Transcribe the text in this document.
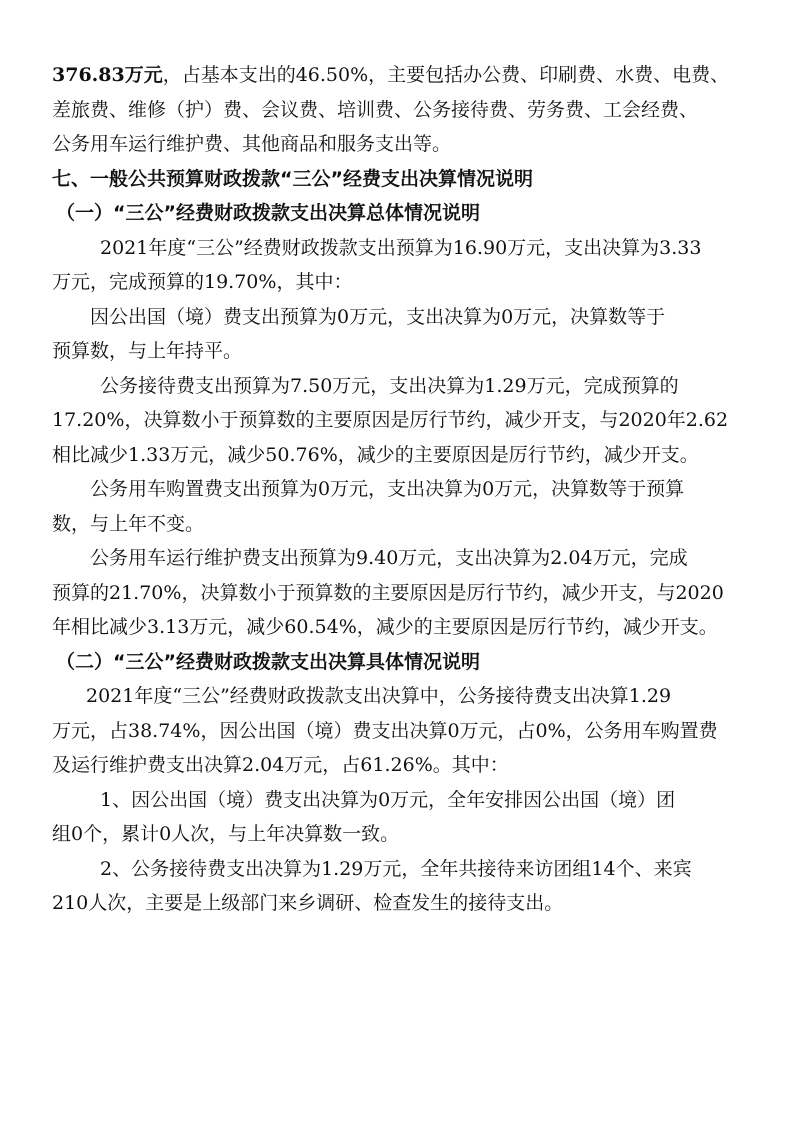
376.83万元，占基本支出的46.50%，主要包括办公费、印刷费、水费、电费、
差旅费、维修（护）费、会议费、培训费、公务接待费、劳务费、工会经费、
公务用车运行维护费、其他商品和服务支出等。
七、一般公共预算财政拨款“三公”经费支出决算情况说明
（一）“三公”经费财政拨款支出决算总体情况说明
2021年度“三公”经费财政拨款支出预算为16.90万元，支出决算为3.33
万元，完成预算的19.70%，其中：
因公出国（境）费支出预算为0万元，支出决算为0万元，决算数等于
预算数，与上年持平。
公务接待费支出预算为7.50万元，支出决算为1.29万元，完成预算的
17.20%，决算数小于预算数的主要原因是厉行节约，减少开支，与2020年2.62
相比减少1.33万元，减少50.76%，减少的主要原因是厉行节约，减少开支。
公务用车购置费支出预算为0万元，支出决算为0万元，决算数等于预算
数，与上年不变。
公务用车运行维护费支出预算为9.40万元，支出决算为2.04万元，完成
预算的21.70%，决算数小于预算数的主要原因是厉行节约，减少开支，与2020
年相比减少3.13万元，减少60.54%，减少的主要原因是厉行节约，减少开支。
（二）“三公”经费财政拨款支出决算具体情况说明
2021年度“三公”经费财政拨款支出决算中，公务接待费支出决算1.29
万元，占38.74%，因公出国（境）费支出决算0万元，占0%，公务用车购置费
及运行维护费支出决算2.04万元，占61.26%。其中：
1、因公出国（境）费支出决算为0万元，全年安排因公出国（境）团
组0个，累计0人次，与上年决算数一致。
2、公务接待费支出决算为1.29万元，全年共接待来访团组14个、来宾
210人次，主要是上级部门来乡调研、检查发生的接待支出。
